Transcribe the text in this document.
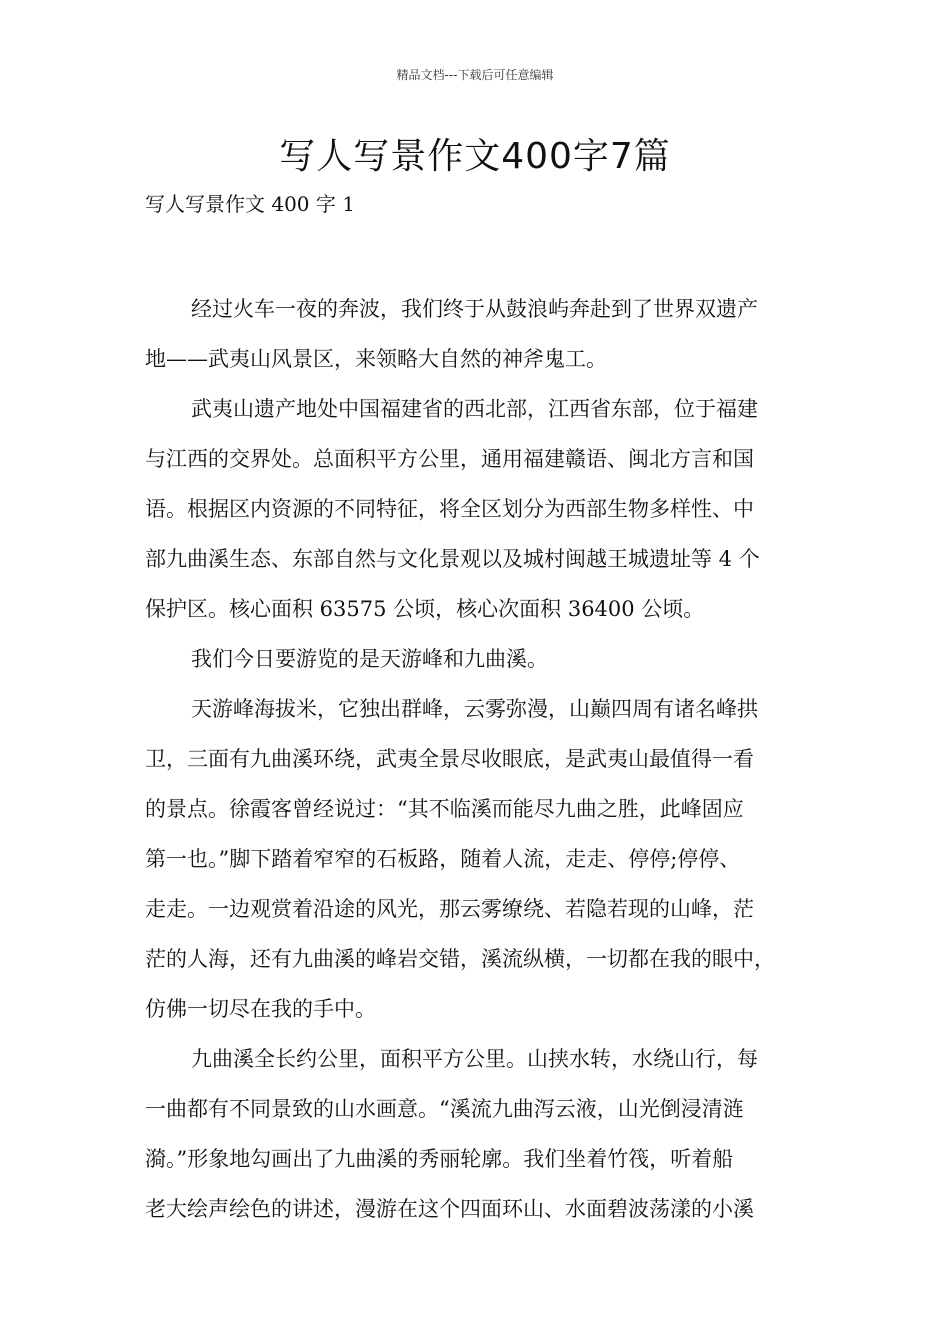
精品文档---下载后可任意编辑
写人写景作文400字7篇
写人写景作文 400 字 1

经过火车一夜的奔波，我们终于从鼓浪屿奔赴到了世界双遗产
地——武夷山风景区，来领略大自然的神斧鬼工。

武夷山遗产地处中国福建省的西北部，江西省东部，位于福建
与江西的交界处。总面积平方公里，通用福建赣语、闽北方言和国
语。根据区内资源的不同特征，将全区划分为西部生物多样性、中
部九曲溪生态、东部自然与文化景观以及城村闽越王城遗址等 4 个
保护区。核心面积 63575 公顷，核心次面积 36400 公顷。

我们今日要游览的是天游峰和九曲溪。

天游峰海拔米，它独出群峰，云雾弥漫，山巅四周有诸名峰拱
卫，三面有九曲溪环绕，武夷全景尽收眼底，是武夷山最值得一看
的景点。徐霞客曾经说过：“其不临溪而能尽九曲之胜，此峰固应
第一也。”脚下踏着窄窄的石板路，随着人流，走走、停停;停停、
走走。一边观赏着沿途的风光，那云雾缭绕、若隐若现的山峰，茫
茫的人海，还有九曲溪的峰岩交错，溪流纵横，一切都在我的眼中，
仿佛一切尽在我的手中。

九曲溪全长约公里，面积平方公里。山挟水转，水绕山行，每
一曲都有不同景致的山水画意。“溪流九曲泻云液，山光倒浸清涟
漪。”形象地勾画出了九曲溪的秀丽轮廓。我们坐着竹筏，听着船
老大绘声绘色的讲述，漫游在这个四面环山、水面碧波荡漾的小溪
